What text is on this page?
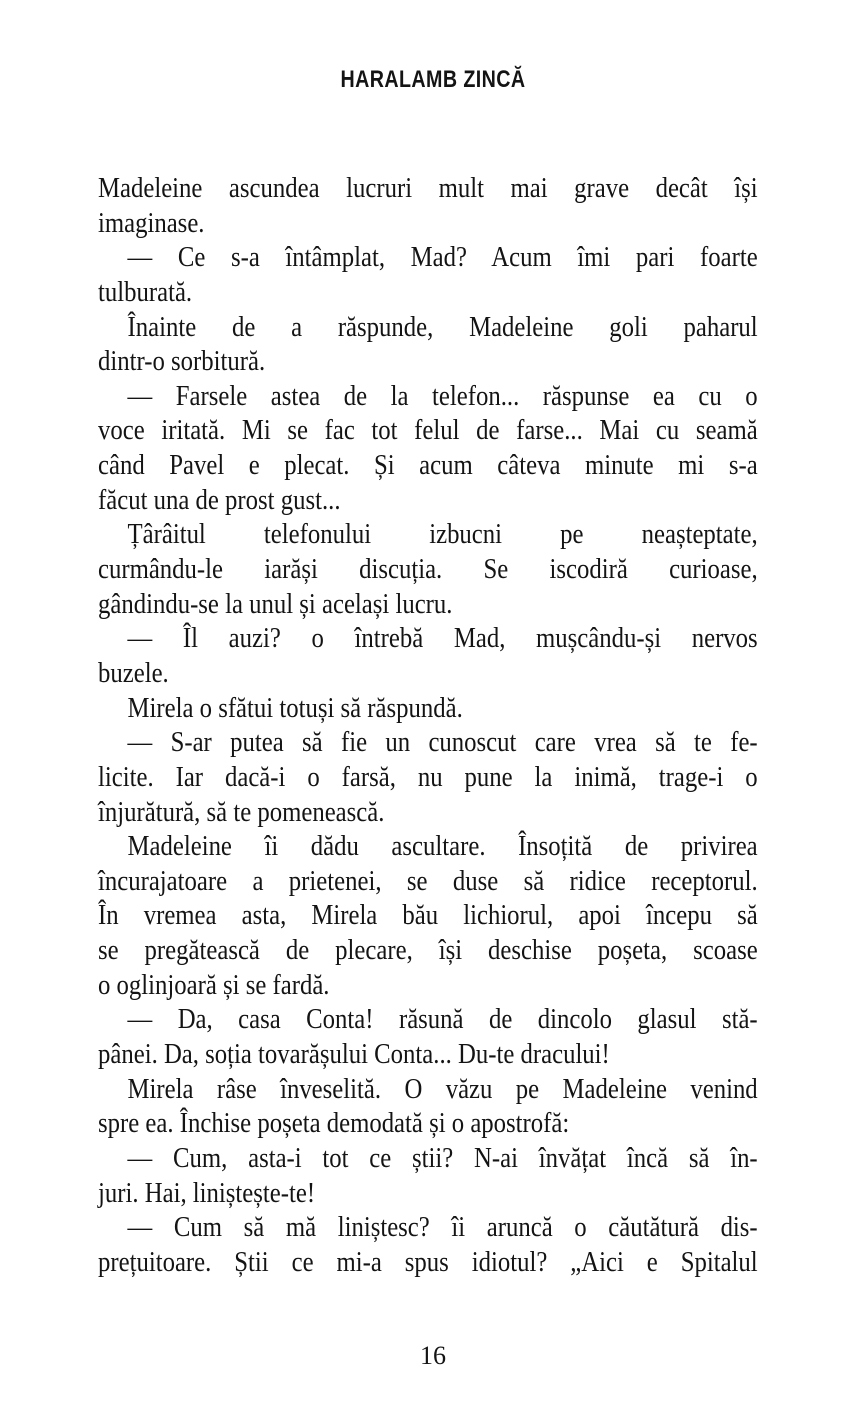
HARALAMB ZINCĂ
Madeleine ascundea lucruri mult mai grave decât își
imaginase.
— Ce s-a întâmplat, Mad? Acum îmi pari foarte
tulburată.
Înainte de a răspunde, Madeleine goli paharul
dintr-o sorbitură.
— Farsele astea de la telefon... răspunse ea cu o
voce iritată. Mi se fac tot felul de farse... Mai cu seamă
când Pavel e plecat. Și acum câteva minute mi s-a
făcut una de prost gust...
Țârâitul telefonului izbucni pe neașteptate,
curmându-le iarăși discuția. Se iscodiră curioase,
gândindu-se la unul și același lucru.
— Îl auzi? o întrebă Mad, mușcându-și nervos
buzele.
Mirela o sfătui totuși să răspundă.
— S-ar putea să fie un cunoscut care vrea să te fe-
licite. Iar dacă-i o farsă, nu pune la inimă, trage-i o
înjurătură, să te pomenească.
Madeleine îi dădu ascultare. Însoțită de privirea
încurajatoare a prietenei, se duse să ridice receptorul.
În vremea asta, Mirela bău lichiorul, apoi începu să
se pregătească de plecare, își deschise poșeta, scoase
o oglinjoară și se fardă.
— Da, casa Conta! răsună de dincolo glasul stă-
pânei. Da, soția tovarășului Conta... Du-te dracului!
Mirela râse înveselită. O văzu pe Madeleine venind
spre ea. Închise poșeta demodată și o apostrofă:
— Cum, asta-i tot ce știi? N-ai învățat încă să în-
juri. Hai, liniștește-te!
— Cum să mă liniștesc? îi aruncă o căutătură dis-
prețuitoare. Știi ce mi-a spus idiotul? „Aici e Spitalul
16
